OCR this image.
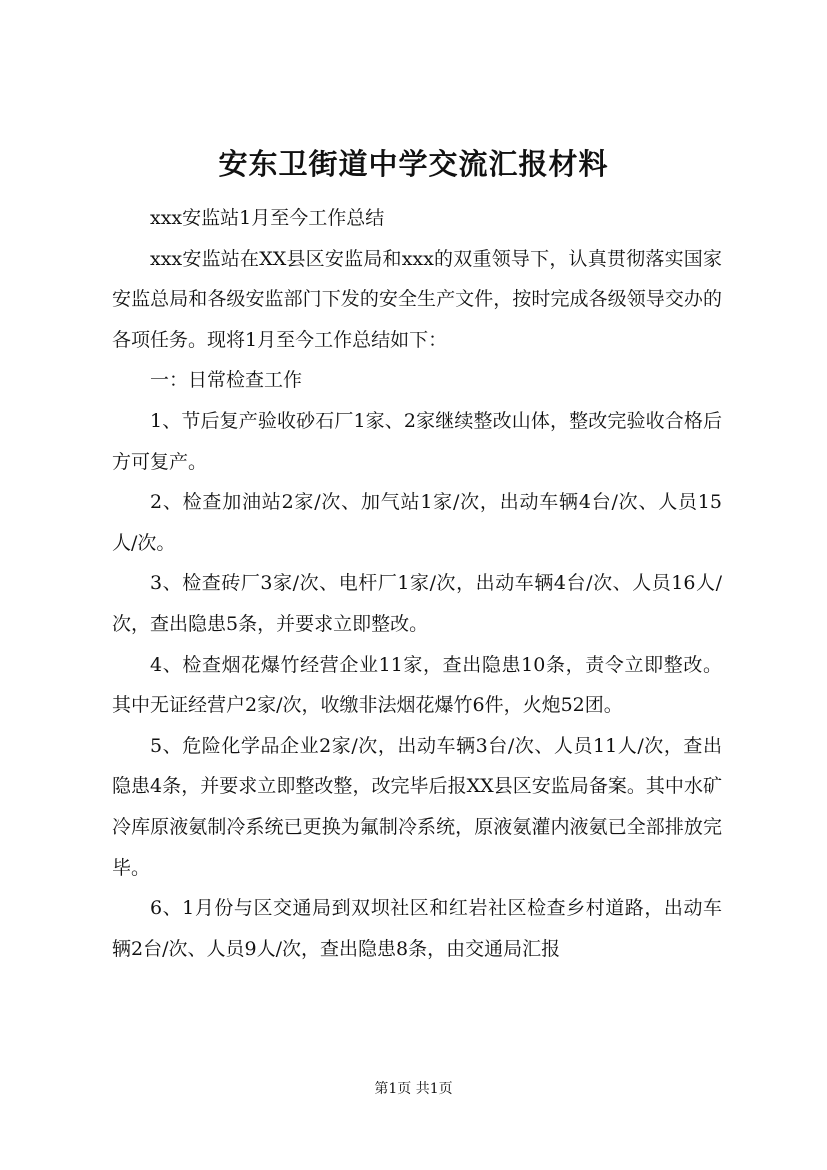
安东卫街道中学交流汇报材料

xxx安监站1月至今工作总结

xxx安监站在XX县区安监局和xxx的双重领导下，认真贯彻落实国家安监总局和各级安监部门下发的安全生产文件，按时完成各级领导交办的各项任务。现将1月至今工作总结如下：

一：日常检查工作

1、节后复产验收砂石厂1家、2家继续整改山体，整改完验收合格后方可复产。

2、检查加油站2家/次、加气站1家/次，出动车辆4台/次、人员15人/次。

3、检查砖厂3家/次、电杆厂1家/次，出动车辆4台/次、人员16人/次，查出隐患5条，并要求立即整改。

4、检查烟花爆竹经营企业11家，查出隐患10条，责令立即整改。其中无证经营户2家/次，收缴非法烟花爆竹6件，火炮52团。

5、危险化学品企业2家/次，出动车辆3台/次、人员11人/次，查出隐患4条，并要求立即整改整，改完毕后报XX县区安监局备案。其中水矿冷库原液氨制冷系统已更换为氟制冷系统，原液氨灌内液氨已全部排放完毕。

6、1月份与区交通局到双坝社区和红岩社区检查乡村道路，出动车辆2台/次、人员9人/次，查出隐患8条，由交通局汇报

第1页 共1页
